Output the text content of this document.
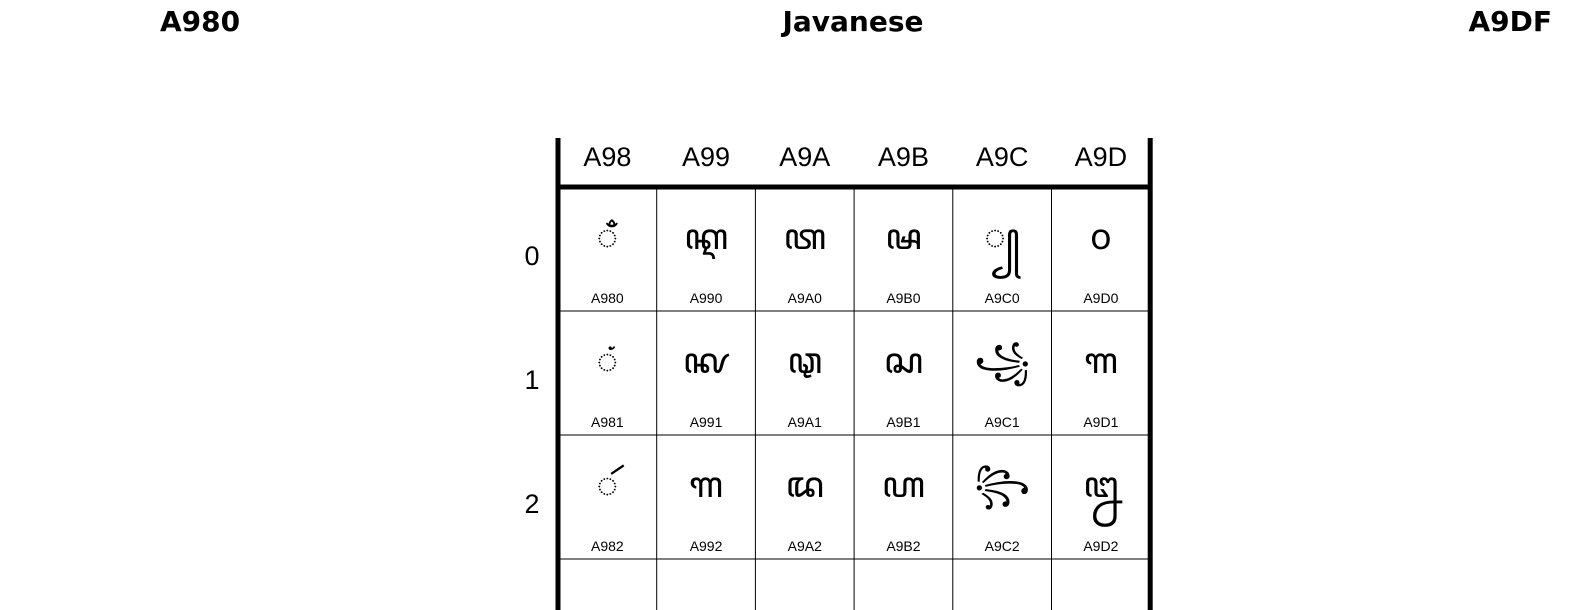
A980	Javanese	A9DF
A98 A99 A9A A9B A9C A9D
0 ◌ꦀ
A980
ꦐ
A990
ꦠ
A9A0
ꦰ
A9B0
◌꧀
A9C0
꧐
A9D0
1 ◌ꦁ
A981
ꦑ
A991
ꦡ
A9A1
ꦱ
A9B1
꧁
A9C1
꧑
A9D1
2 ◌ꦂ
A982
ꦒ
A992
ꦢ
A9A2
ꦲ
A9B2
꧂
A9C2
꧒
A9D2
